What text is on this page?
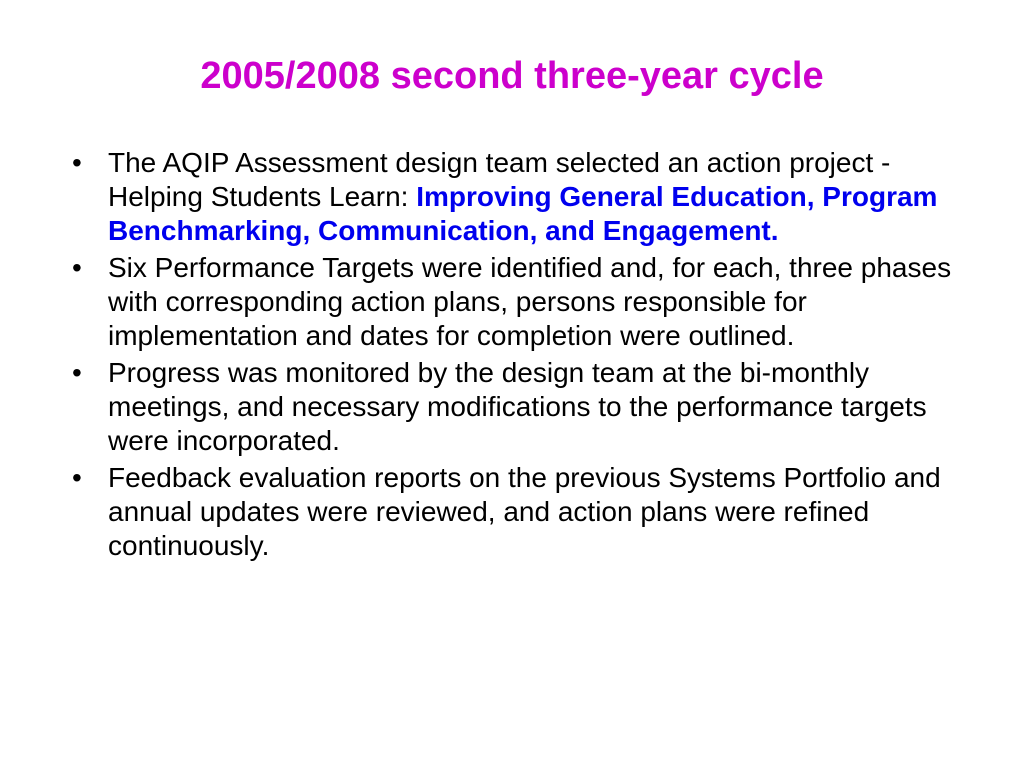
2005/2008 second three-year cycle
• The AQIP Assessment design team selected an action project - Helping Students Learn: Improving General Education, Program Benchmarking, Communication, and Engagement.
• Six Performance Targets were identified and, for each, three phases with corresponding action plans, persons responsible for implementation and dates for completion were outlined.
• Progress was monitored by the design team at the bi-monthly meetings, and necessary modifications to the performance targets were incorporated.
• Feedback evaluation reports on the previous Systems Portfolio and annual updates were reviewed, and action plans were refined continuously.
